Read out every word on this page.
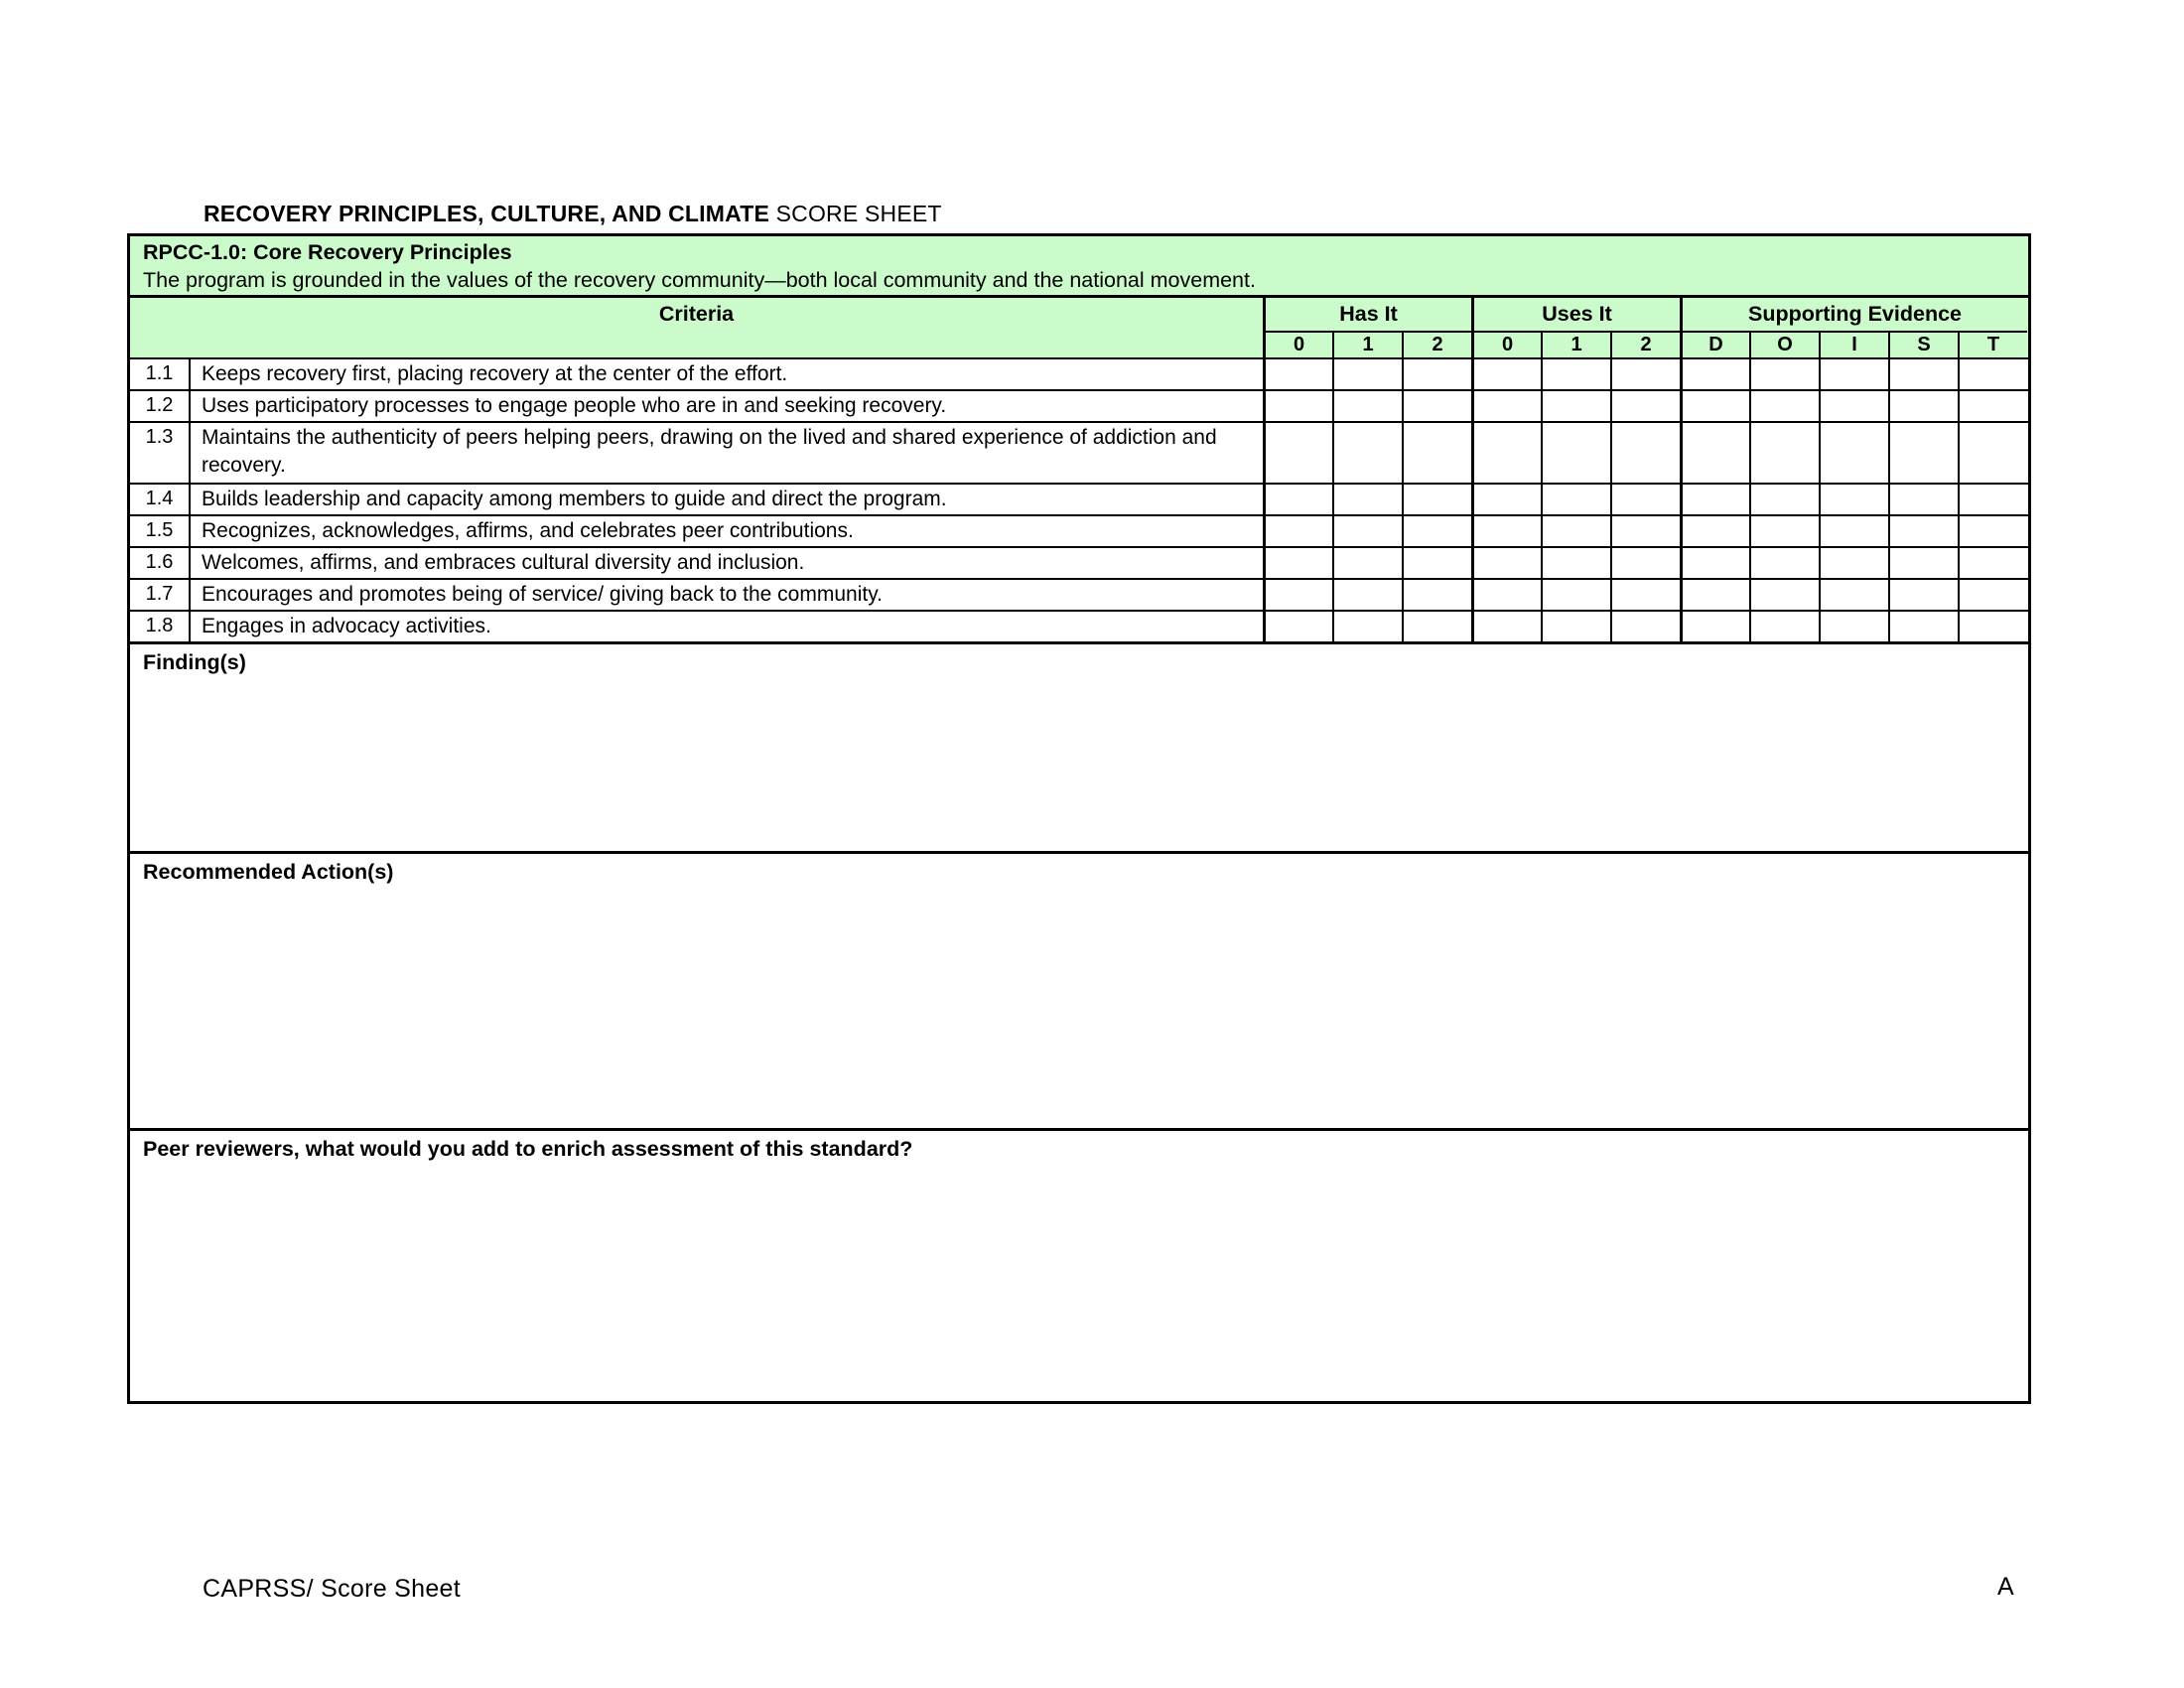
RECOVERY PRINCIPLES, CULTURE, AND CLIMATE SCORE SHEET
RPCC-1.0: Core Recovery Principles
The program is grounded in the values of the recovery community—both local community and the national movement.
Criteria	Has It	Uses It	Supporting Evidence
0	1	2	0	1	2	D	O	I	S	T
1.1	Keeps recovery first, placing recovery at the center of the effort.
1.2	Uses participatory processes to engage people who are in and seeking recovery.
1.3	Maintains the authenticity of peers helping peers, drawing on the lived and shared experience of addiction and recovery.
1.4	Builds leadership and capacity among members to guide and direct the program.
1.5	Recognizes, acknowledges, affirms, and celebrates peer contributions.
1.6	Welcomes, affirms, and embraces cultural diversity and inclusion.
1.7	Encourages and promotes being of service/ giving back to the community.
1.8	Engages in advocacy activities.
Finding(s)
Recommended Action(s)
Peer reviewers, what would you add to enrich assessment of this standard?
CAPRSS/ Score Sheet	A
